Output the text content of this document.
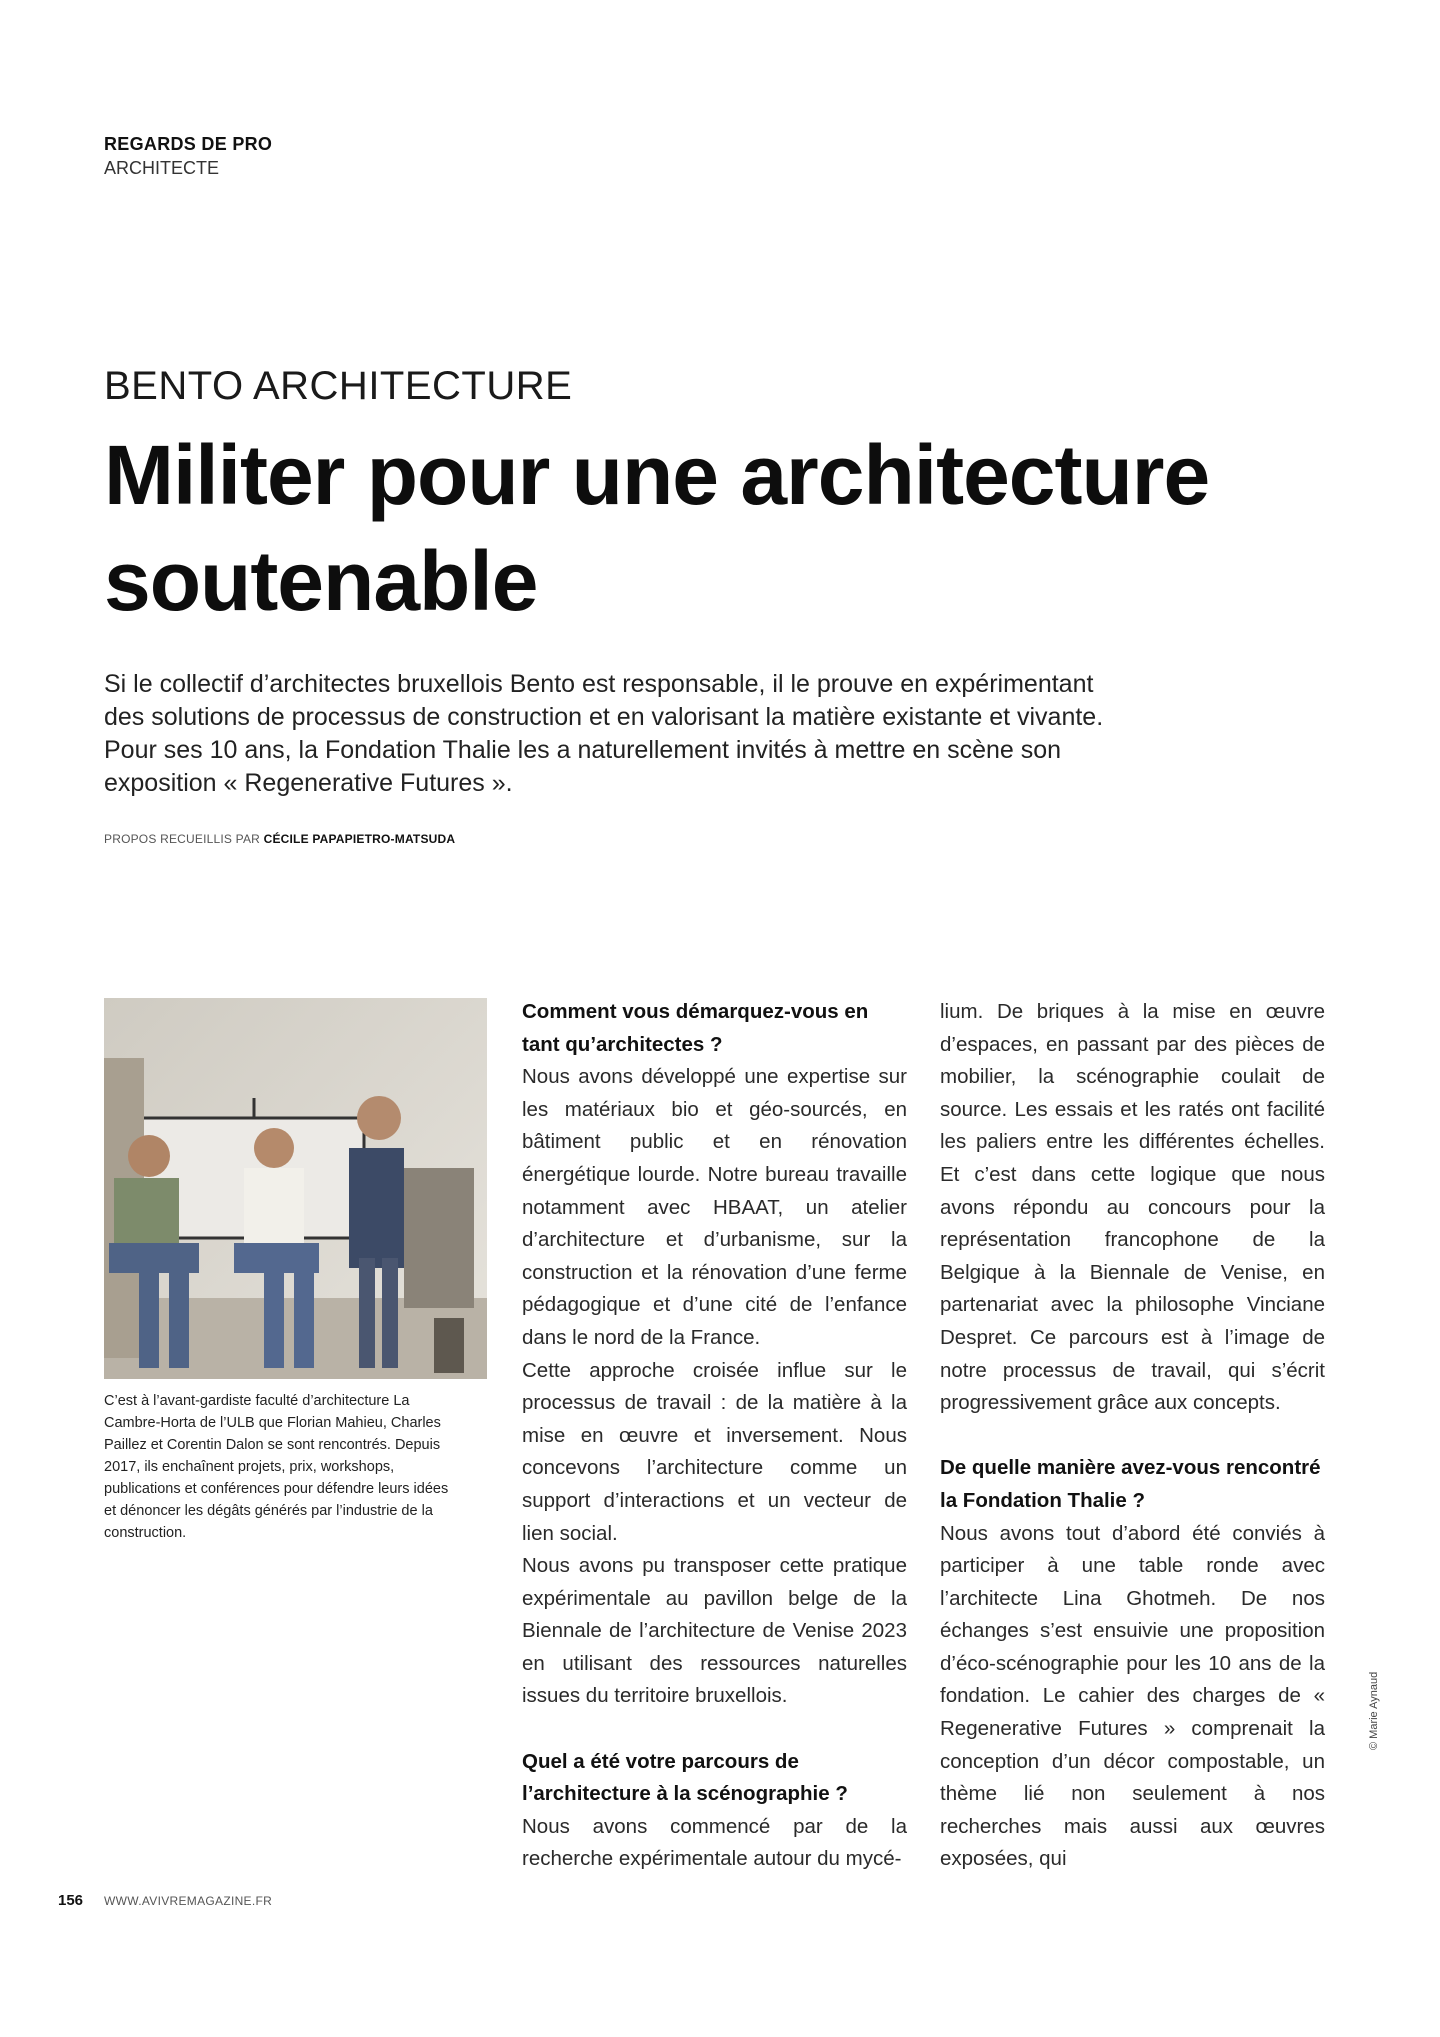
REGARDS DE PRO
ARCHITECTE
BENTO ARCHITECTURE
Militer pour une architecture soutenable

Si le collectif d’architectes bruxellois Bento est responsable, il le prouve en expérimentant des solutions de processus de construction et en valorisant la matière existante et vivante. Pour ses 10 ans, la Fondation Thalie les a naturellement invités à mettre en scène son exposition « Regenerative Futures ».

PROPOS RECUEILLIS PAR CÉCILE PAPAPIETRO-MATSUDA

C’est à l’avant-gardiste faculté d’architecture La Cambre-Horta de l’ULB que Florian Mahieu, Charles Paillez et Corentin Dalon se sont rencontrés. Depuis 2017, ils enchaînent projets, prix, workshops, publications et conférences pour défendre leurs idées et dénoncer les dégâts générés par l’industrie de la construction.

Comment vous démarquez-vous en tant qu’architectes ?

Nous avons développé une expertise sur les matériaux bio et géo-sourcés, en bâtiment public et en rénovation énergétique lourde. Notre bureau travaille notamment avec HBAAT, un atelier d’architecture et d’urbanisme, sur la construction et la rénovation d’une ferme pédagogique et d’une cité de l’enfance dans le nord de la France.

Cette approche croisée influe sur le processus de travail : de la matière à la mise en œuvre et inversement. Nous concevons l’architecture comme un support d’interactions et un vecteur de lien social.

Nous avons pu transposer cette pratique expérimentale au pavillon belge de la Biennale de l’architecture de Venise 2023 en utilisant des ressources naturelles issues du territoire bruxellois.

Quel a été votre parcours de l’architecture à la scénographie ?

Nous avons commencé par de la recherche expérimentale autour du mycé-

lium. De briques à la mise en œuvre d’espaces, en passant par des pièces de mobilier, la scénographie coulait de source. Les essais et les ratés ont facilité les paliers entre les différentes échelles. Et c’est dans cette logique que nous avons répondu au concours pour la représentation francophone de la Belgique à la Biennale de Venise, en partenariat avec la philosophe Vinciane Despret. Ce parcours est à l’image de notre processus de travail, qui s’écrit progressivement grâce aux concepts.

De quelle manière avez-vous rencontré la Fondation Thalie ?

Nous avons tout d’abord été conviés à participer à une table ronde avec l’architecte Lina Ghotmeh. De nos échanges s’est ensuivie une proposition d’éco-scénographie pour les 10 ans de la fondation. Le cahier des charges de « Regenerative Futures » comprenait la conception d’un décor compostable, un thème lié non seulement à nos recherches mais aussi aux œuvres exposées, qui

© Marie Aynaud
156 WWW.AVIVREMAGAZINE.FR
